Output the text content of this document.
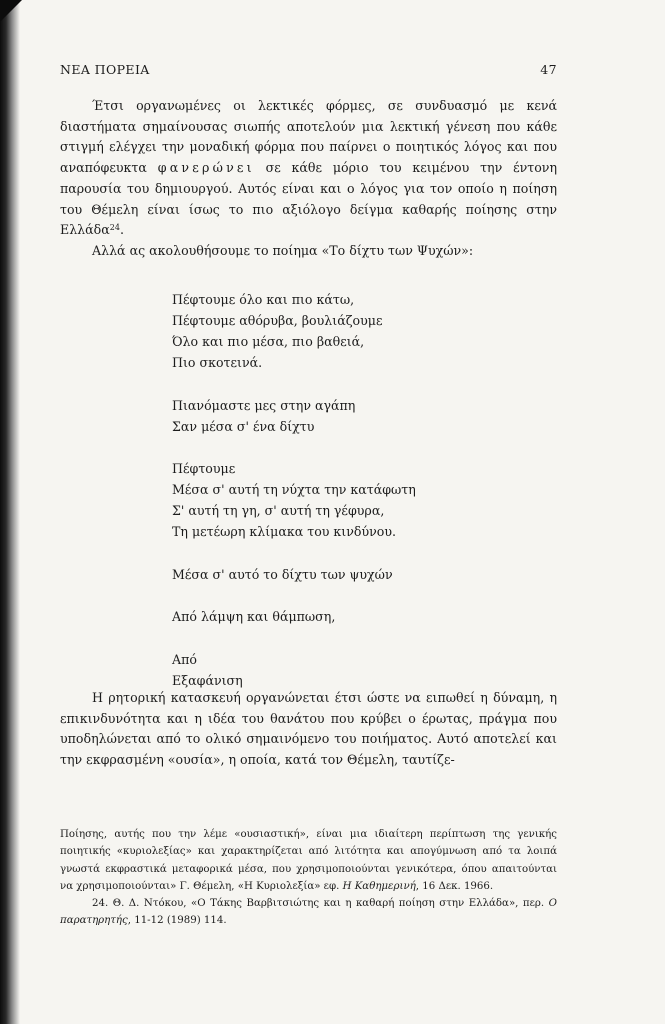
ΝΕΑ ΠΟΡΕΙΑ	47

Έτσι οργανωμένες οι λεκτικές φόρμες, σε συνδυασμό με κενά διαστήματα σημαίνουσας σιωπής αποτελούν μια λεκτική γένεση που κάθε στιγμή ελέγχει την μοναδική φόρμα που παίρνει ο ποιητικός λόγος και που αναπόφευκτα φανερώνει σε κάθε μόριο του κειμένου την έντονη παρουσία του δημιουργού. Αυτός είναι και ο λόγος για τον οποίο η ποίηση του Θέμελη είναι ίσως το πιο αξιόλογο δείγμα καθαρής ποίησης στην Ελλάδα$^{24}$.

Αλλά ας ακολουθήσουμε το ποίημα «Το δίχτυ των Ψυχών»:

Πέφτουμε όλο και πιο κάτω,
Πέφτουμε αθόρυβα, βουλιάζουμε
Όλο και πιο μέσα, πιο βαθειά,
Πιο σκοτεινά.
Πιανόμαστε μες στην αγάπη
Σαν μέσα σ' ένα δίχτυ
Πέφτουμε
Μέσα σ' αυτή τη νύχτα την κατάφωτη
Σ' αυτή τη γη, σ' αυτή τη γέφυρα,
Τη μετέωρη κλίμακα του κινδύνου.
Μέσα σ' αυτό το δίχτυ των ψυχών
Από λάμψη και θάμπωση,
Από
Εξαφάνιση

Η ρητορική κατασκευή οργανώνεται έτσι ώστε να ειπωθεί η δύναμη, η επικινδυνότητα και η ιδέα του θανάτου που κρύβει ο έρωτας, πράγμα που υποδηλώνεται από το ολικό σημαινόμενο του ποιήματος. Αυτό αποτελεί και την εκφρασμένη «ουσία», η οποία, κατά τον Θέμελη, ταυτίζε-

Ποίησης, αυτής που την λέμε «ουσιαστική», είναι μια ιδιαίτερη περίπτωση της γενικής ποιητικής «κυριολεξίας» και χαρακτηρίζεται από λιτότητα και απογύμνωση από τα λοιπά γνωστά εκφραστικά μεταφορικά μέσα, που χρησιμοποιούνται γενικότερα, όπου απαιτούνται να χρησιμοποιούνται» Γ. Θέμελη, «Η Κυριολεξία» εφ. Η Καθημερινή, 16 Δεκ. 1966.

24. Θ. Δ. Ντόκου, «Ο Τάκης Βαρβιτσιώτης και η καθαρή ποίηση στην Ελλάδα», περ. Ο παρατηρητής, 11-12 (1989) 114.
